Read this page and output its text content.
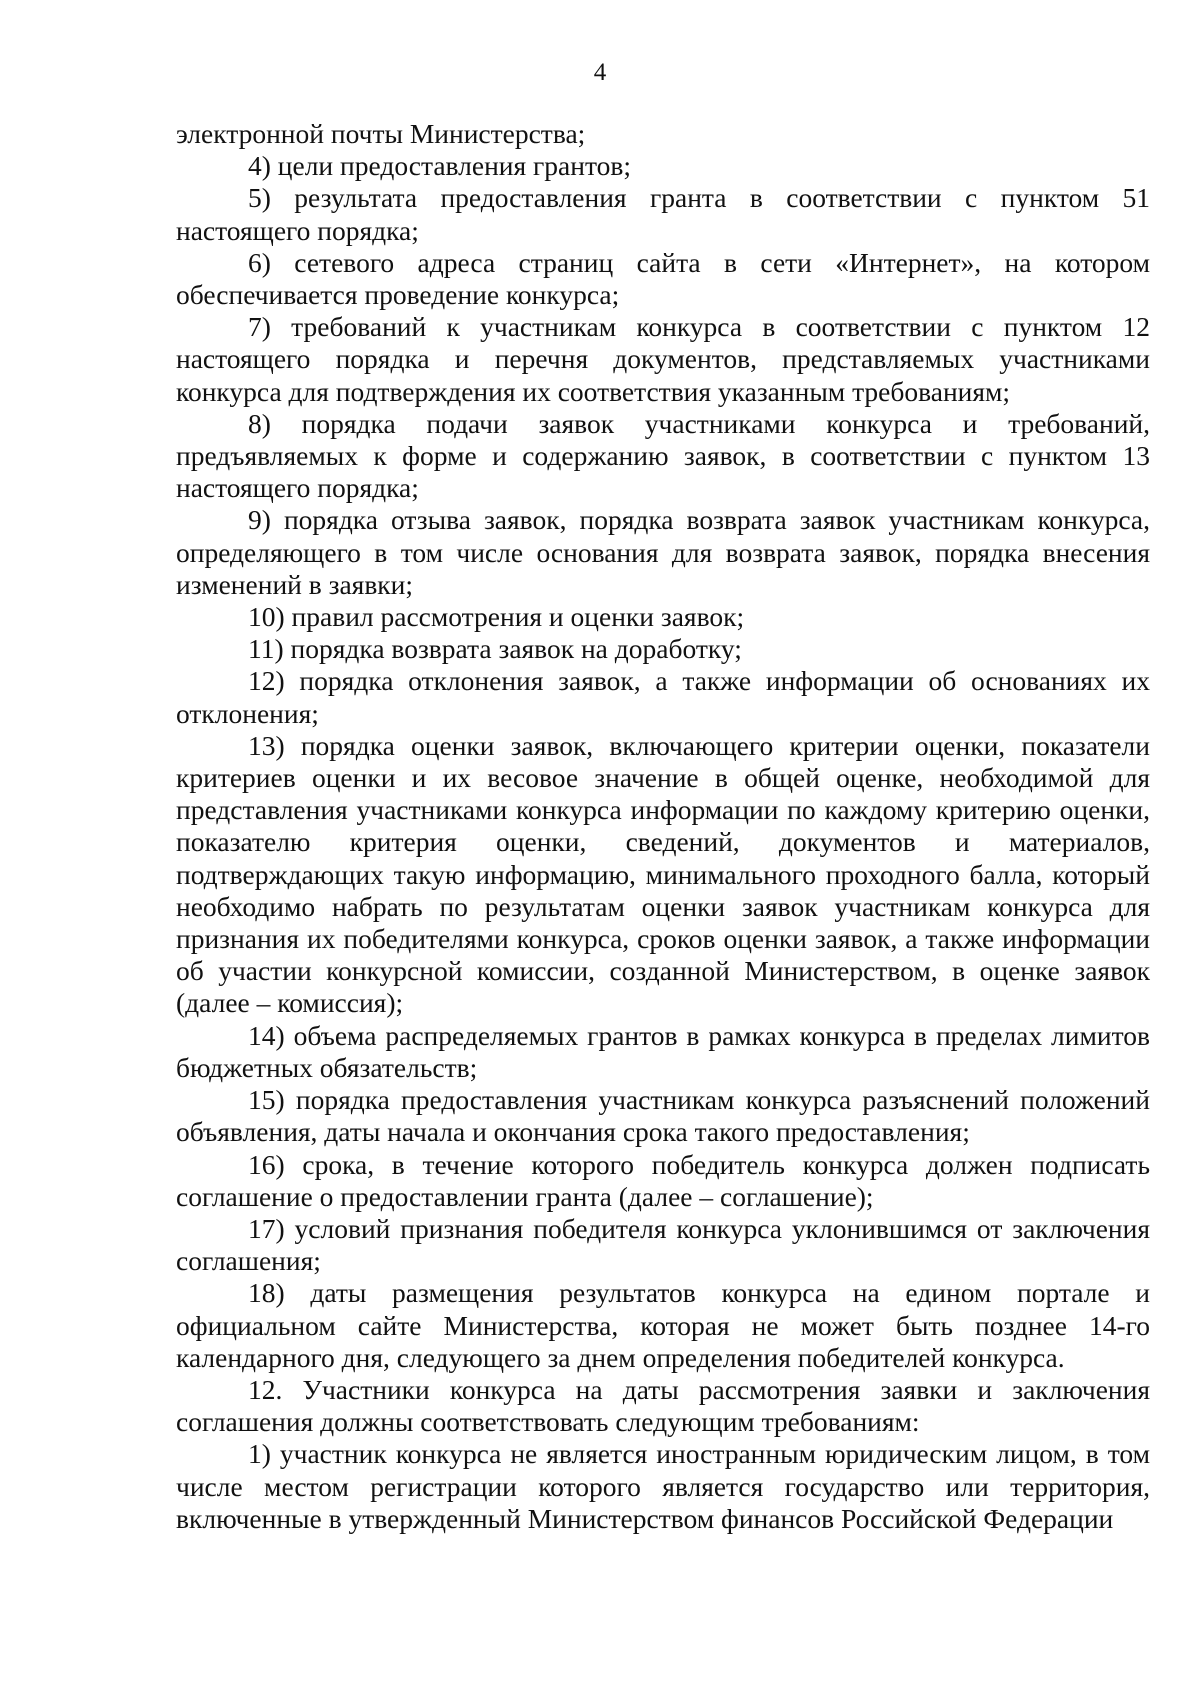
4

электронной почты Министерства;

4) цели предоставления грантов;

5) результата предоставления гранта в соответствии с пунктом 51 настоящего порядка;

6) сетевого адреса страниц сайта в сети «Интернет», на котором обеспечивается проведение конкурса;

7) требований к участникам конкурса в соответствии с пунктом 12 настоящего порядка и перечня документов, представляемых участниками конкурса для подтверждения их соответствия указанным требованиям;

8) порядка подачи заявок участниками конкурса и требований, предъявляемых к форме и содержанию заявок, в соответствии с пунктом 13 настоящего порядка;

9) порядка отзыва заявок, порядка возврата заявок участникам конкурса, определяющего в том числе основания для возврата заявок, порядка внесения изменений в заявки;

10) правил рассмотрения и оценки заявок;

11) порядка возврата заявок на доработку;

12) порядка отклонения заявок, а также информации об основаниях их отклонения;

13) порядка оценки заявок, включающего критерии оценки, показатели критериев оценки и их весовое значение в общей оценке, необходимой для представления участниками конкурса информации по каждому критерию оценки, показателю критерия оценки, сведений, документов и материалов, подтверждающих такую информацию, минимального проходного балла, который необходимо набрать по результатам оценки заявок участникам конкурса для признания их победителями конкурса, сроков оценки заявок, а также информации об участии конкурсной комиссии, созданной Министерством, в оценке заявок (далее – комиссия);

14) объема распределяемых грантов в рамках конкурса в пределах лимитов бюджетных обязательств;

15) порядка предоставления участникам конкурса разъяснений положений объявления, даты начала и окончания срока такого предоставления;

16) срока, в течение которого победитель конкурса должен подписать соглашение о предоставлении гранта (далее – соглашение);

17) условий признания победителя конкурса уклонившимся от заключения соглашения;

18) даты размещения результатов конкурса на едином портале и официальном сайте Министерства, которая не может быть позднее 14-го календарного дня, следующего за днем определения победителей конкурса.

12. Участники конкурса на даты рассмотрения заявки и заключения соглашения должны соответствовать следующим требованиям:

1) участник конкурса не является иностранным юридическим лицом, в том числе местом регистрации которого является государство или территория, включенные в утвержденный Министерством финансов Российской Федерации
